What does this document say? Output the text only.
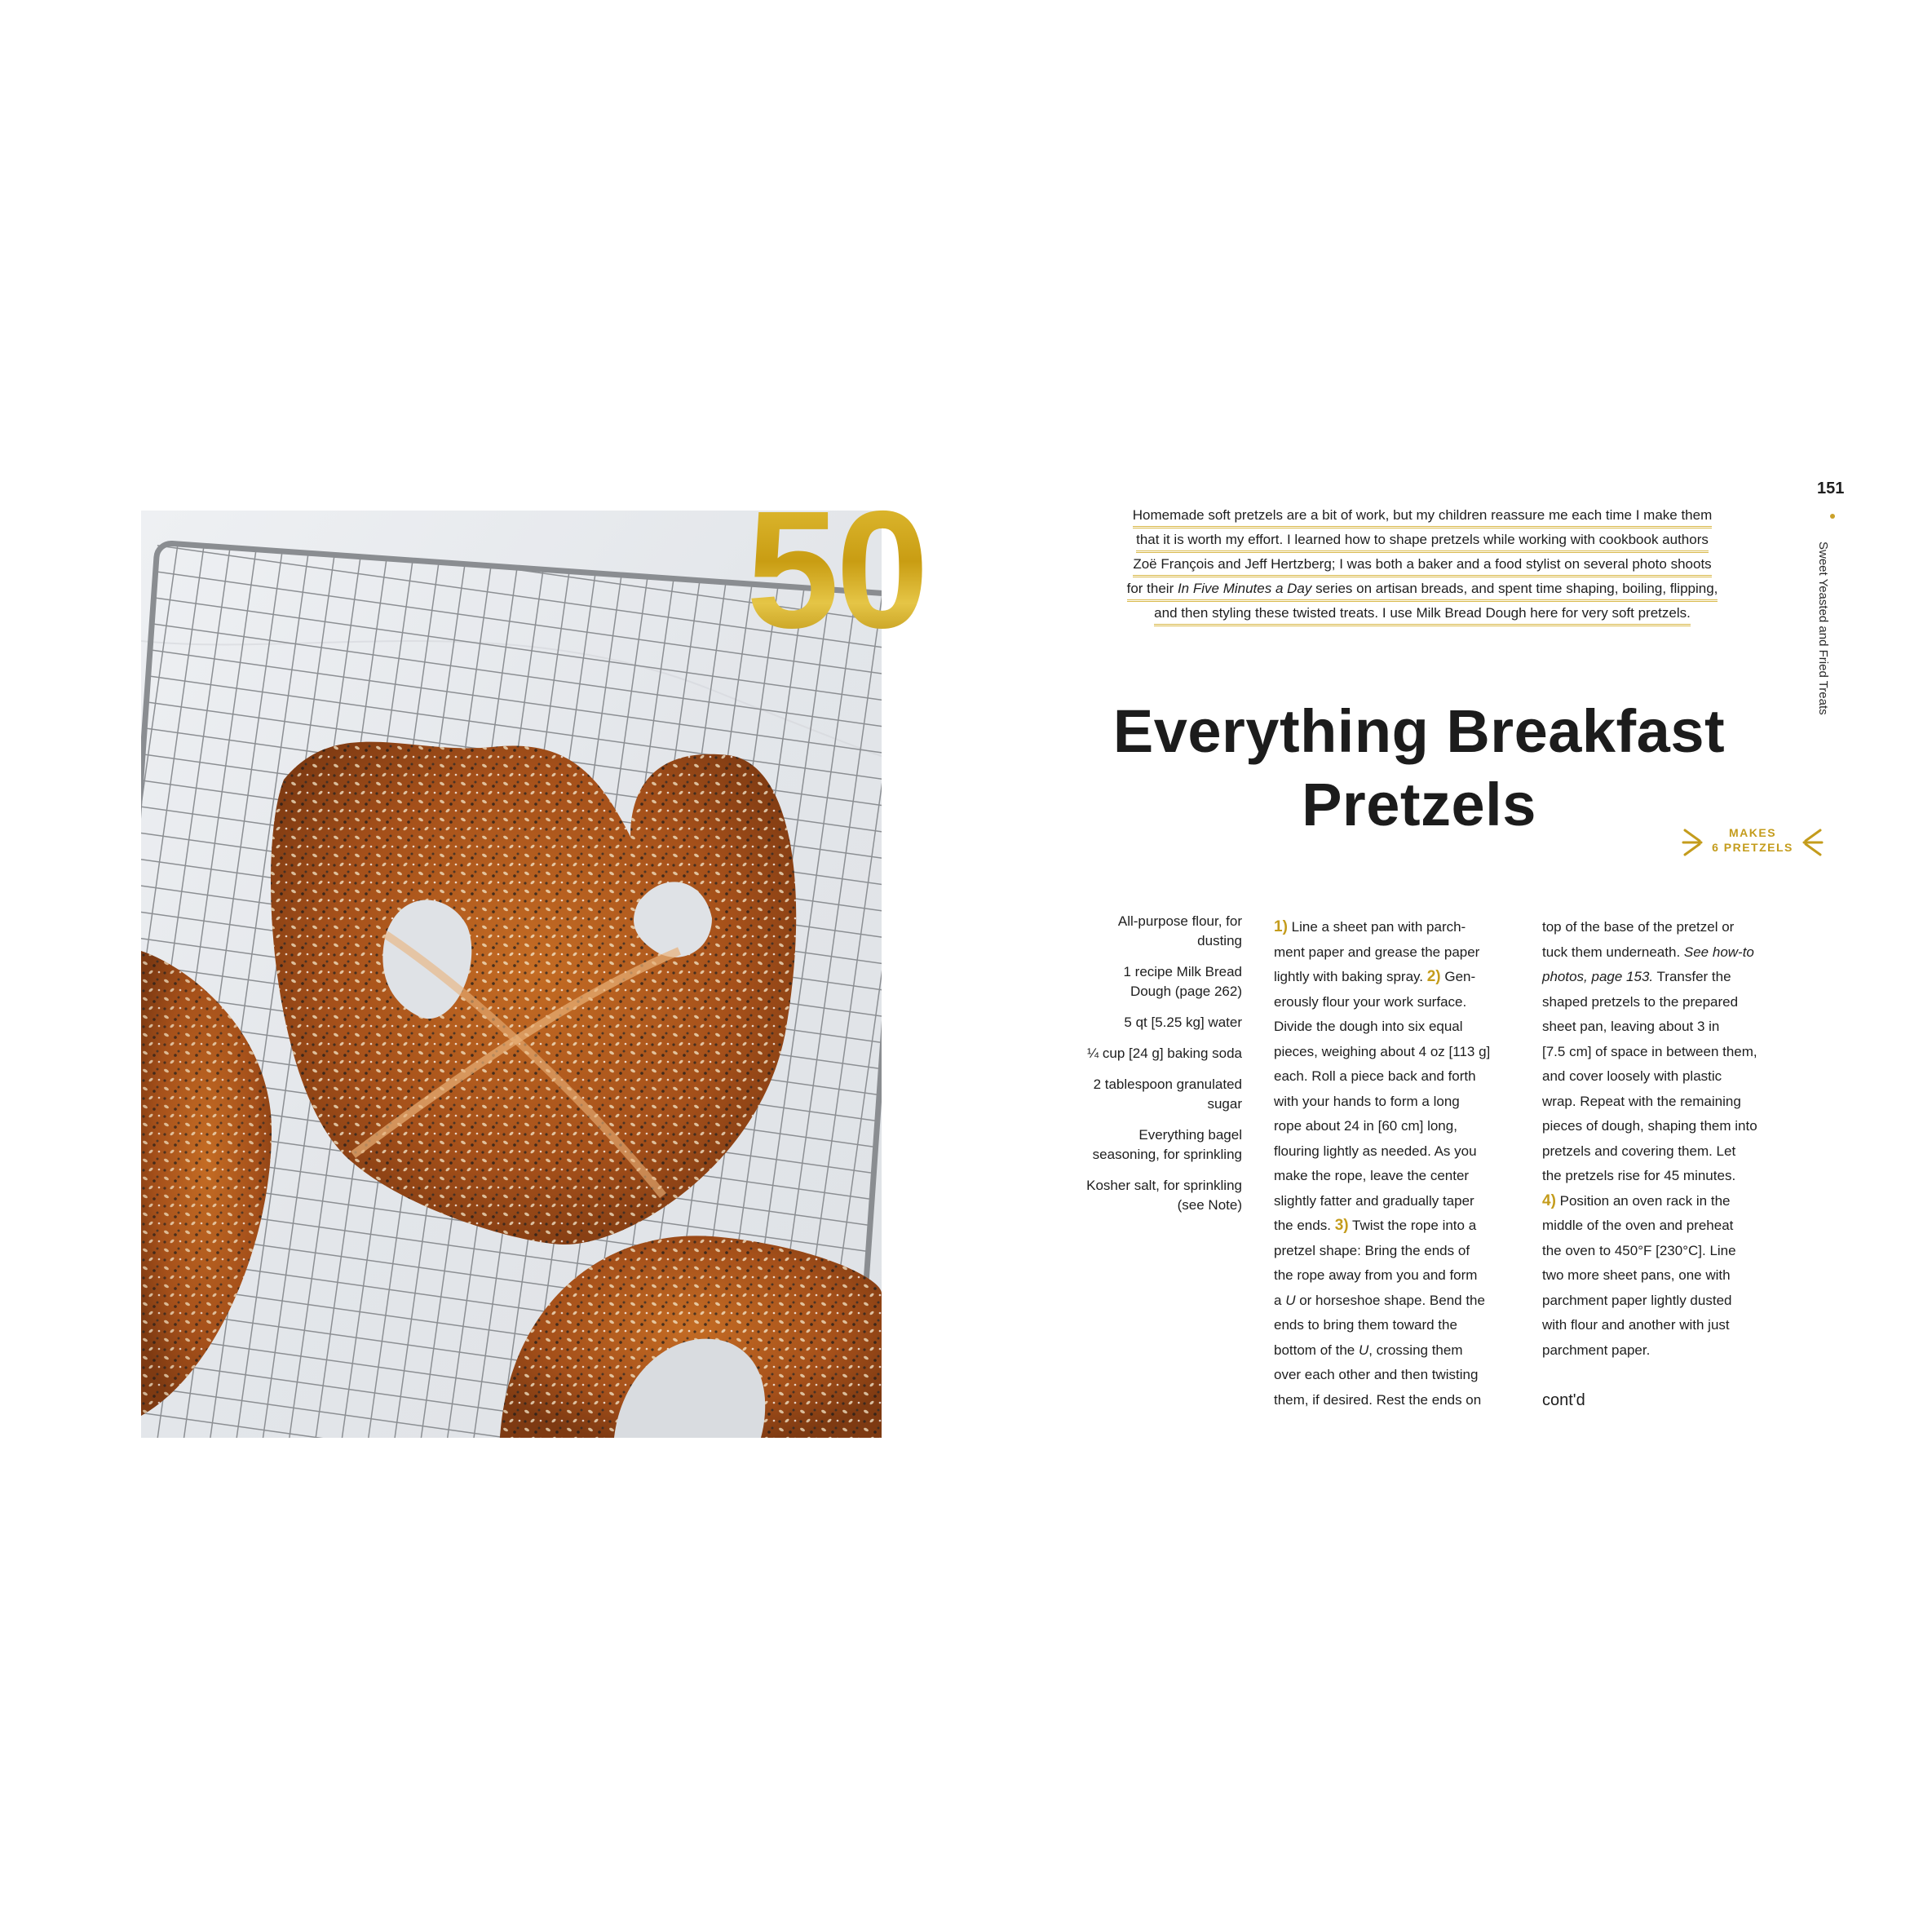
50	151
Sweet Yeasted and Fried Treats
Homemade soft pretzels are a bit of work, but my children reassure me each time I make them
that it is worth my effort. I learned how to shape pretzels while working with cookbook authors
Zoë François and Jeff Hertzberg; I was both a baker and a food stylist on several photo shoots
for their In Five Minutes a Day series on artisan breads, and spent time shaping, boiling, flipping,
and then styling these twisted treats. I use Milk Bread Dough here for very soft pretzels.
Everything Breakfast
Pretzels	MAKES
6 PRETZELS
All-purpose flour, for
dusting
1 recipe Milk Bread
Dough (page 262)
5 qt [5.25 kg] water
¼ cup [24 g] baking soda
2 tablespoon granulated
sugar
Everything bagel
seasoning, for sprinkling
Kosher salt, for sprinkling
(see Note)
1) Line a sheet pan with parch-
ment paper and grease the paper
lightly with baking spray. 2) Gen-
erously flour your work surface.
Divide the dough into six equal
pieces, weighing about 4 oz [113 g]
each. Roll a piece back and forth
with your hands to form a long
rope about 24 in [60 cm] long,
flouring lightly as needed. As you
make the rope, leave the center
slightly fatter and gradually taper
the ends. 3) Twist the rope into a
pretzel shape: Bring the ends of
the rope away from you and form
a U or horseshoe shape. Bend the
ends to bring them toward the
bottom of the U, crossing them
over each other and then twisting
them, if desired. Rest the ends on
top of the base of the pretzel or
tuck them underneath. See how-to
photos, page 153. Transfer the
shaped pretzels to the prepared
sheet pan, leaving about 3 in
[7.5 cm] of space in between them,
and cover loosely with plastic
wrap. Repeat with the remaining
pieces of dough, shaping them into
pretzels and covering them. Let
the pretzels rise for 45 minutes.
4) Position an oven rack in the
middle of the oven and preheat
the oven to 450°F [230°C]. Line
two more sheet pans, one with
parchment paper lightly dusted
with flour and another with just
parchment paper.
cont'd
